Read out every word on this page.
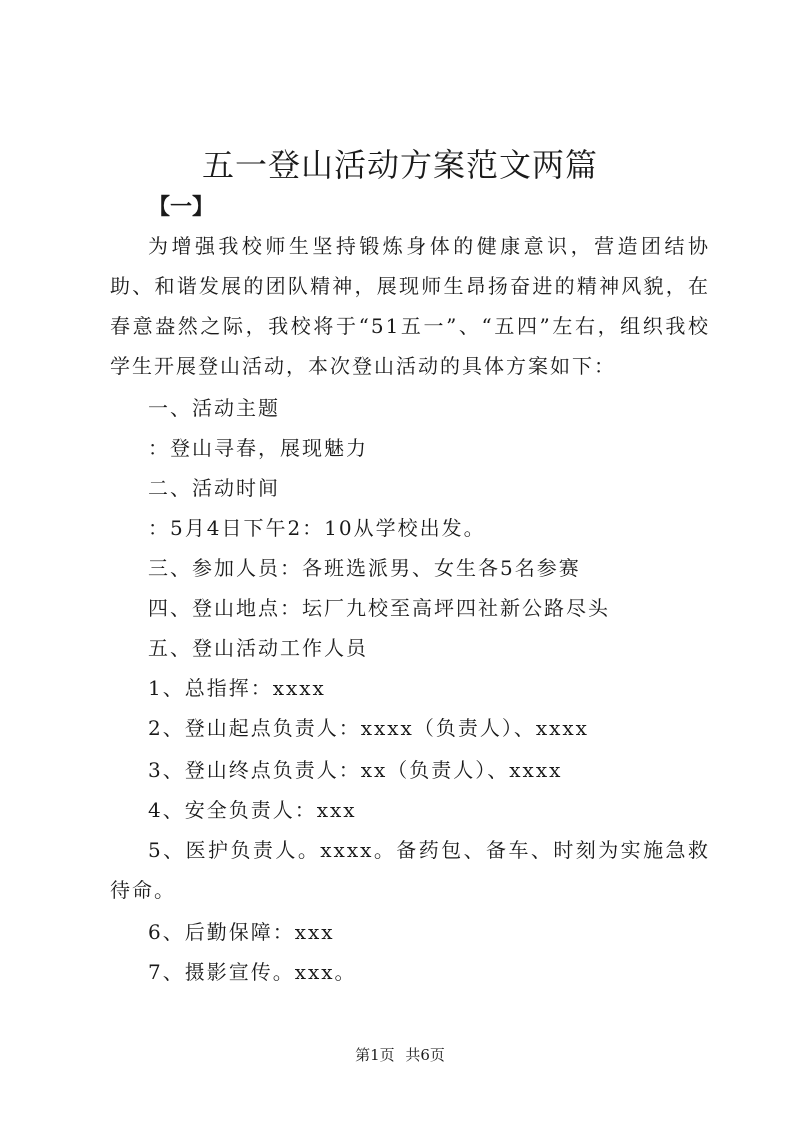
五一登山活动方案范文两篇
【一】

为增强我校师生坚持锻炼身体的健康意识，营造团结协助、和谐发展的团队精神，展现师生昂扬奋进的精神风貌，在春意盎然之际，我校将于“51五一”、“五四”左右，组织我校学生开展登山活动，本次登山活动的具体方案如下：

一、活动主题

：登山寻春，展现魅力

二、活动时间

：5月4日下午2：10从学校出发。

三、参加人员：各班选派男、女生各5名参赛

四、登山地点：坛厂九校至高坪四社新公路尽头

五、登山活动工作人员

1、总指挥：xxxx

2、登山起点负责人：xxxx（负责人）、xxxx

3、登山终点负责人：xx（负责人）、xxxx

4、安全负责人：xxx

5、医护负责人。xxxx。备药包、备车、时刻为实施急救待命。

6、后勤保障：xxx

7、摄影宣传。xxx。

第1页 共6页
